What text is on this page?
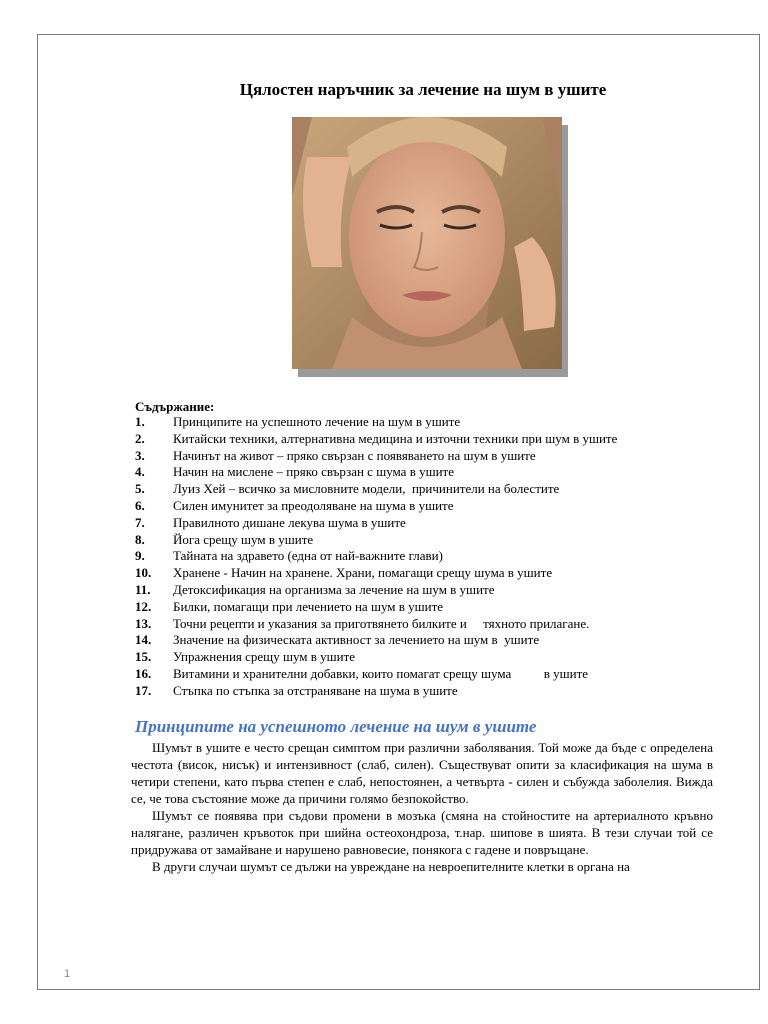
Цялостен наръчник за лечение на шум в ушите
Съдържание:
1. Принципите на успешното лечение на шум в ушите
2. Китайски техники, алтернативна медицина и източни техники при шум в ушите
3. Начинът на живот – пряко свързан с появяването на шум в ушите
4. Начин на мислене – пряко свързан с шума в ушите
5. Луиз Хей – всичко за мисловните модели,  причинители на болестите
6. Силен имунитет за преодоляване на шума в ушите
7. Правилното дишане лекува шума в ушите
8. Йога срещу шум в ушите
9. Тайната на здравето (една от най-важните глави)
10. Хранене - Начин на хранене. Храни, помагащи срещу шума в ушите
11. Детоксификация на организма за лечение на шум в ушите
12. Билки, помагащи при лечението на шум в ушите
13. Точни рецепти и указания за приготвянето билките и     тяхното прилагане.
14. Значение на физическата активност за лечението на шум в  ушите
15. Упражнения срещу шум в ушите
16. Витамини и хранителни добавки, които помагат срещу шума          в ушите
17. Стъпка по стъпка за отстраняване на шума в ушите
Принципите на успешното лечение на шум в ушите

Шумът в ушите е често срещан симптом при различни заболявания. Той може да бъде с определена честота (висок, нисък) и интензивност (слаб, силен). Съществуват опити за класификация на шума в четири степени, като първа степен е слаб, непостоянен, а четвърта - силен и събужда заболелия. Вижда се, че това състояние може да причини голямо безпокойство.

Шумът се появява при съдови промени в мозъка (смяна на стойностите на артериалното кръвно налягане, различен кръвоток при шийна остеохондроза, т.нар. шипове в шията. В тези случаи той се придружава от замайване и нарушено равновесие, понякога с гадене и повръщане.

В други случаи шумът се дължи на увреждане на невроепителните клетки в органа на

1
